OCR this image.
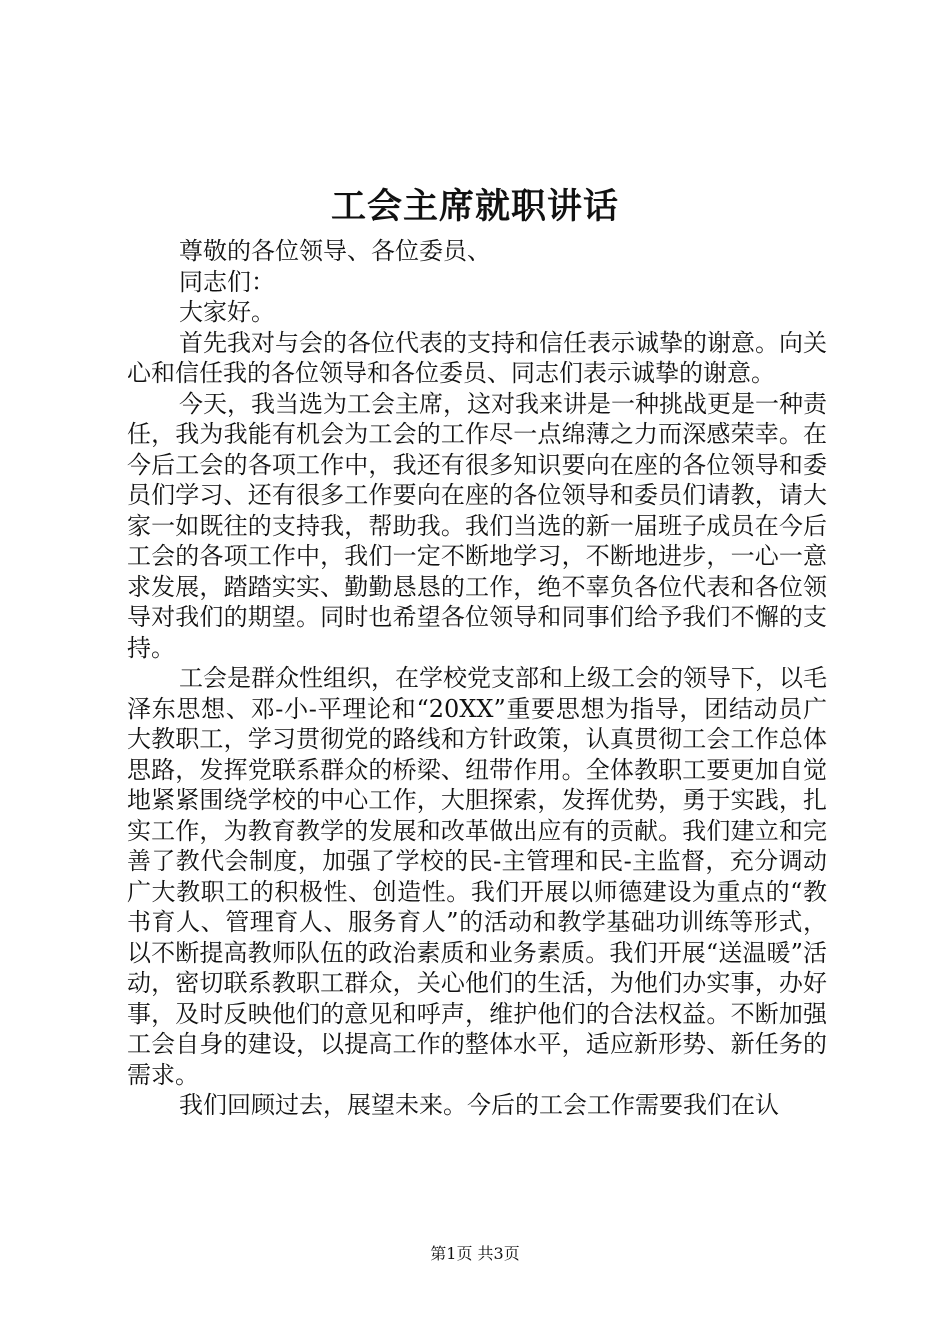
工会主席就职讲话

尊敬的各位领导、各位委员、

同志们：

大家好。

首先我对与会的各位代表的支持和信任表示诚挚的谢意。向关心和信任我的各位领导和各位委员、同志们表示诚挚的谢意。

今天，我当选为工会主席，这对我来讲是一种挑战更是一种责任，我为我能有机会为工会的工作尽一点绵薄之力而深感荣幸。在今后工会的各项工作中，我还有很多知识要向在座的各位领导和委员们学习、还有很多工作要向在座的各位领导和委员们请教，请大家一如既往的支持我，帮助我。我们当选的新一届班子成员在今后工会的各项工作中，我们一定不断地学习，不断地进步，一心一意求发展，踏踏实实、勤勤恳恳的工作，绝不辜负各位代表和各位领导对我们的期望。同时也希望各位领导和同事们给予我们不懈的支持。

工会是群众性组织，在学校党支部和上级工会的领导下，以毛泽东思想、邓-小-平理论和“20XX”重要思想为指导，团结动员广大教职工，学习贯彻党的路线和方针政策，认真贯彻工会工作总体思路，发挥党联系群众的桥梁、纽带作用。全体教职工要更加自觉地紧紧围绕学校的中心工作，大胆探索，发挥优势，勇于实践，扎实工作，为教育教学的发展和改革做出应有的贡献。我们建立和完善了教代会制度，加强了学校的民-主管理和民-主监督，充分调动广大教职工的积极性、创造性。我们开展以师德建设为重点的“教书育人、管理育人、服务育人”的活动和教学基础功训练等形式，以不断提高教师队伍的政治素质和业务素质。我们开展“送温暖”活动，密切联系教职工群众，关心他们的生活，为他们办实事，办好事，及时反映他们的意见和呼声，维护他们的合法权益。不断加强工会自身的建设，以提高工作的整体水平，适应新形势、新任务的需求。

我们回顾过去，展望未来。今后的工会工作需要我们在认

第1页 共3页
